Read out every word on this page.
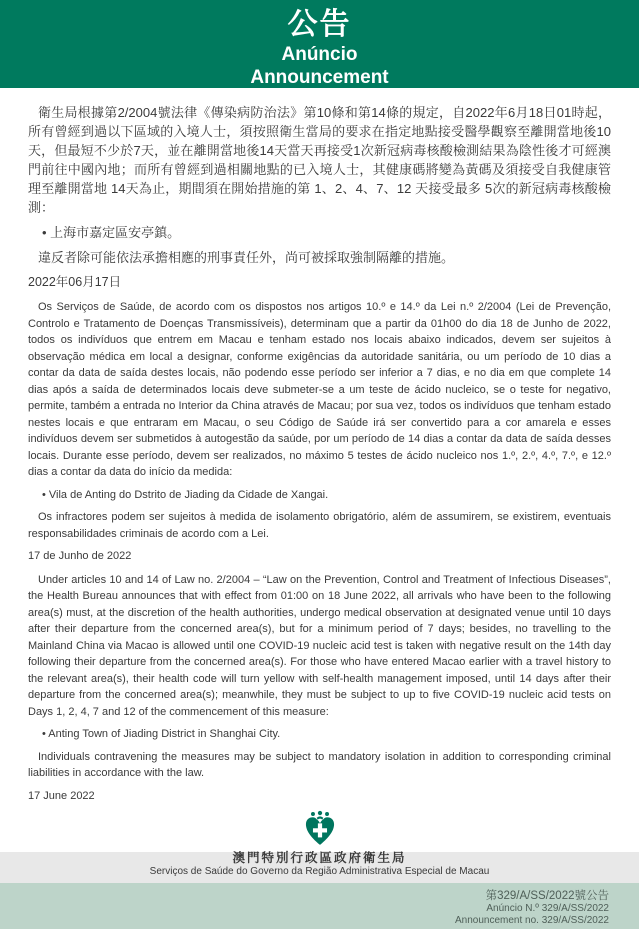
公告
Anúncio
Announcement

衛生局根據第2/2004號法律《傳染病防治法》第10條和第14條的規定，自2022年6月18日01時起，所有曾經到過以下區域的入境人士，須按照衛生當局的要求在指定地點接受醫學觀察至離開當地後10天，但最短不少於7天，並在離開當地後14天當天再接受1次新冠病毒核酸檢測結果為陰性後才可經澳門前往中國內地；而所有曾經到過相關地點的已入境人士，其健康碼將變為黃碼及須接受自我健康管理至離開當地 14天為止，期間須在開始措施的第 1、2、4、7、12 天接受最多 5次的新冠病毒核酸檢測：

• 上海市嘉定區安亭鎮。

違反者除可能依法承擔相應的刑事責任外，尚可被採取強制隔離的措施。

2022年06月17日

Os Serviços de Saúde, de acordo com os dispostos nos artigos 10.º e 14.º da Lei n.º 2/2004 (Lei de Prevenção, Controlo e Tratamento de Doenças Transmissíveis), determinam que a partir da 01h00 do dia 18 de Junho de 2022, todos os indivíduos que entrem em Macau e tenham estado nos locais abaixo indicados, devem ser sujeitos à observação médica em local a designar, conforme exigências da autoridade sanitária, ou um período de 10 dias a contar da data de saída destes locais, não podendo esse período ser inferior a 7 dias, e no dia em que complete 14 dias após a saída de determinados locais deve submeter-se a um teste de ácido nucleico, se o teste for negativo, permite, também a entrada no Interior da China através de Macau; por sua vez, todos os indivíduos que tenham estado nestes locais e que entraram em Macau, o seu Código de Saúde irá ser convertido para a cor amarela e esses indivíduos devem ser submetidos à autogestão da saúde, por um período de 14 dias a contar da data de saída desses locais. Durante esse período, devem ser realizados, no máximo 5 testes de ácido nucleico nos 1.º, 2.º, 4.º, 7.º, e 12.º dias a contar da data do início da medida:

• Vila de Anting do Dstrito de Jiading da Cidade de Xangai.

Os infractores podem ser sujeitos à medida de isolamento obrigatório, além de assumirem, se existirem, eventuais responsabilidades criminais de acordo com a Lei.

17 de Junho de 2022

Under articles 10 and 14 of Law no. 2/2004 – “Law on the Prevention, Control and Treatment of Infectious Diseases”, the Health Bureau announces that with effect from 01:00 on 18 June 2022, all arrivals who have been to the following area(s) must, at the discretion of the health authorities, undergo medical observation at designated venue until 10 days after their departure from the concerned area(s), but for a minimum period of 7 days; besides, no travelling to the Mainland China via Macao is allowed until one COVID-19 nucleic acid test is taken with negative result on the 14th day following their departure from the concerned area(s). For those who have entered Macao earlier with a travel history to the relevant area(s), their health code will turn yellow with self-health management imposed, until 14 days after their departure from the concerned area(s); meanwhile, they must be subject to up to five COVID-19 nucleic acid tests on Days 1, 2, 4, 7 and 12 of the commencement of this measure:

• Anting Town of Jiading District in Shanghai City.

Individuals contravening the measures may be subject to mandatory isolation in addition to corresponding criminal liabilities in accordance with the law.

17 June 2022

澳門特別行政區政府衛生局
Serviços de Saúde do Governo da Região Administrativa Especial de Macau
第329/A/SS/2022號公告
Anúncio N.º 329/A/SS/2022
Announcement no. 329/A/SS/2022
